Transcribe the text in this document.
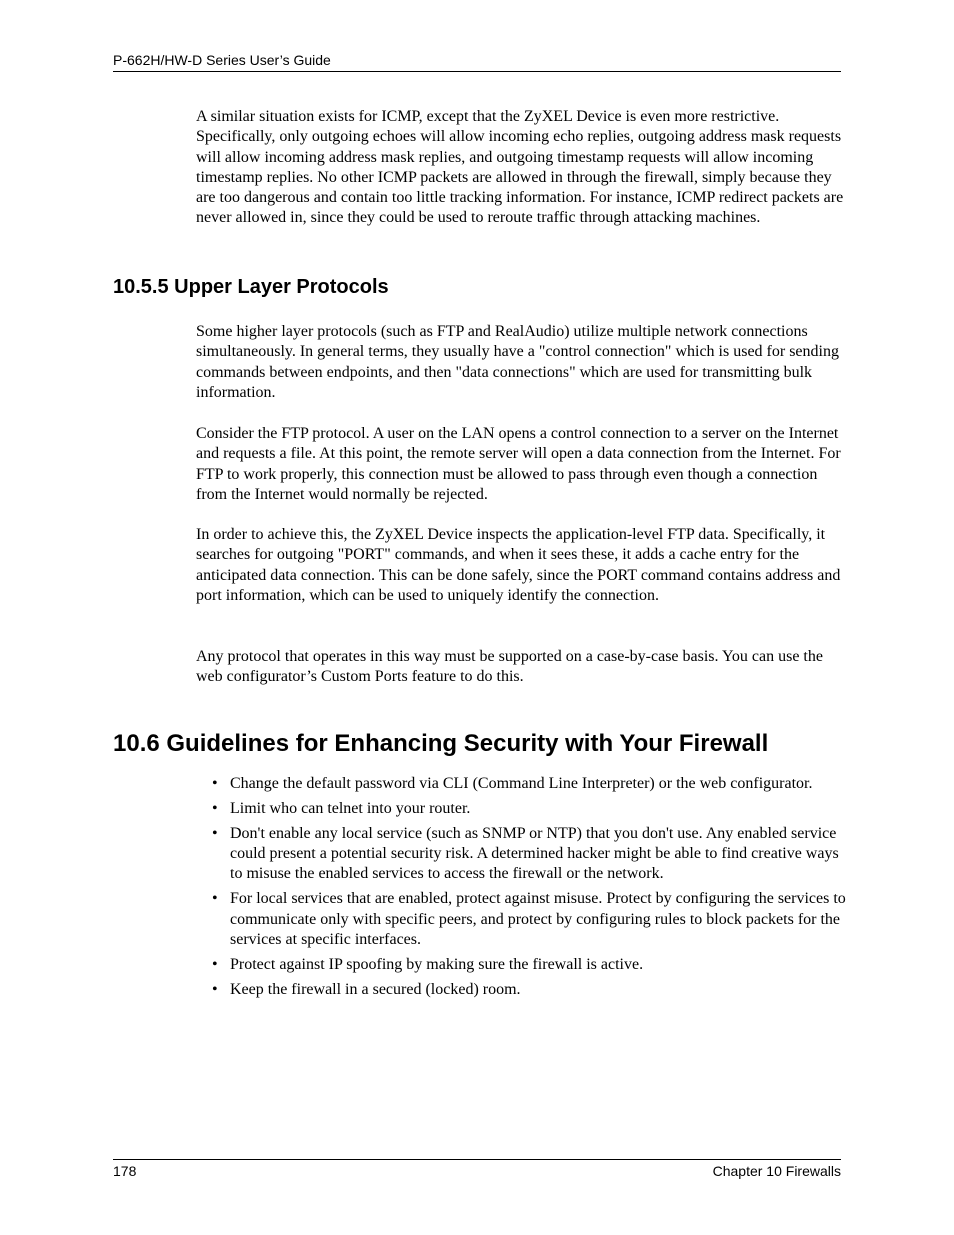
P-662H/HW-D Series User’s Guide

A similar situation exists for ICMP, except that the ZyXEL Device is even more restrictive. Specifically, only outgoing echoes will allow incoming echo replies, outgoing address mask requests will allow incoming address mask replies, and outgoing timestamp requests will allow incoming timestamp replies. No other ICMP packets are allowed in through the firewall, simply because they are too dangerous and contain too little tracking information. For instance, ICMP redirect packets are never allowed in, since they could be used to reroute traffic through attacking machines.

10.5.5 Upper Layer Protocols

Some higher layer protocols (such as FTP and RealAudio) utilize multiple network connections simultaneously. In general terms, they usually have a "control connection" which is used for sending commands between endpoints, and then "data connections" which are used for transmitting bulk information.

Consider the FTP protocol. A user on the LAN opens a control connection to a server on the Internet and requests a file. At this point, the remote server will open a data connection from the Internet. For FTP to work properly, this connection must be allowed to pass through even though a connection from the Internet would normally be rejected.

In order to achieve this, the ZyXEL Device inspects the application-level FTP data. Specifically, it searches for outgoing "PORT" commands, and when it sees these, it adds a cache entry for the anticipated data connection. This can be done safely, since the PORT command contains address and port information, which can be used to uniquely identify the connection.

Any protocol that operates in this way must be supported on a case-by-case basis. You can use the web configurator’s Custom Ports feature to do this.

10.6 Guidelines for Enhancing Security with Your Firewall
• Change the default password via CLI (Command Line Interpreter) or the web configurator.
• Limit who can telnet into your router.
• Don't enable any local service (such as SNMP or NTP) that you don't use. Any enabled service could present a potential security risk. A determined hacker might be able to find creative ways to misuse the enabled services to access the firewall or the network.
• For local services that are enabled, protect against misuse. Protect by configuring the services to communicate only with specific peers, and protect by configuring rules to block packets for the services at specific interfaces.
• Protect against IP spoofing by making sure the firewall is active.
• Keep the firewall in a secured (locked) room.
178	Chapter 10 Firewalls
